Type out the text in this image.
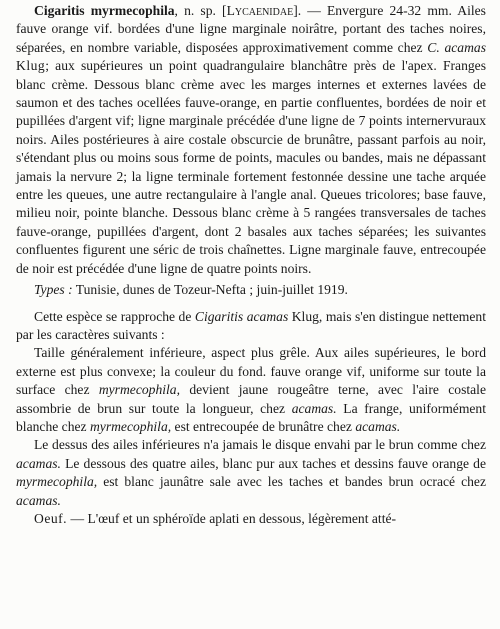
Cigaritis myrmecophila, n. sp. [Lycaenidae]. — Envergure 24-32 mm. Ailes fauve orange vif. bordées d'une ligne marginale noirâtre, portant des taches noires, séparées, en nombre variable, disposées approximativement comme chez C. acamas Klug; aux supérieures un point quadrangulaire blanchâtre près de l'apex. Franges blanc crème. Dessous blanc crème avec les marges internes et externes lavées de saumon et des taches ocellées fauve-orange, en partie confluentes, bordées de noir et pupillées d'argent vif; ligne marginale précédée d'une ligne de 7 points internervuraux noirs. Ailes postérieures à aire costale obscurcie de brunâtre, passant parfois au noir, s'étendant plus ou moins sous forme de points, macules ou bandes, mais ne dépassant jamais la nervure 2; la ligne terminale fortement festonnée dessine une tache arquée entre les queues, une autre rectangulaire à l'angle anal. Queues tricolores; base fauve, milieu noir, pointe blanche. Dessous blanc crème à 5 rangées transversales de taches fauve-orange, pupillées d'argent, dont 2 basales aux taches séparées; les suivantes confluentes figurent une séric de trois chaînettes. Ligne marginale fauve, entrecoupée de noir est précédée d'une ligne de quatre points noirs.

Types : Tunisie, dunes de Tozeur-Nefta ; juin-juillet 1919.

Cette espèce se rapproche de Cigaritis acamas Klug, mais s'en distingue nettement par les caractères suivants :

Taille généralement inférieure, aspect plus grêle. Aux ailes supérieures, le bord externe est plus convexe; la couleur du fond. fauve orange vif, uniforme sur toute la surface chez myrmecophila, devient jaune rougeâtre terne, avec l'aire costale assombrie de brun sur toute la longueur, chez acamas. La frange, uniformément blanche chez myrmecophila, est entrecoupée de brunâtre chez acamas.

Le dessus des ailes inférieures n'a jamais le disque envahi par le brun comme chez acamas. Le dessous des quatre ailes, blanc pur aux taches et dessins fauve orange de myrmecophila, est blanc jaunâtre sale avec les taches et bandes brun ocracé chez acamas.

Oeuf. — L'œuf et un sphéroïde aplati en dessous, légèrement atté-
